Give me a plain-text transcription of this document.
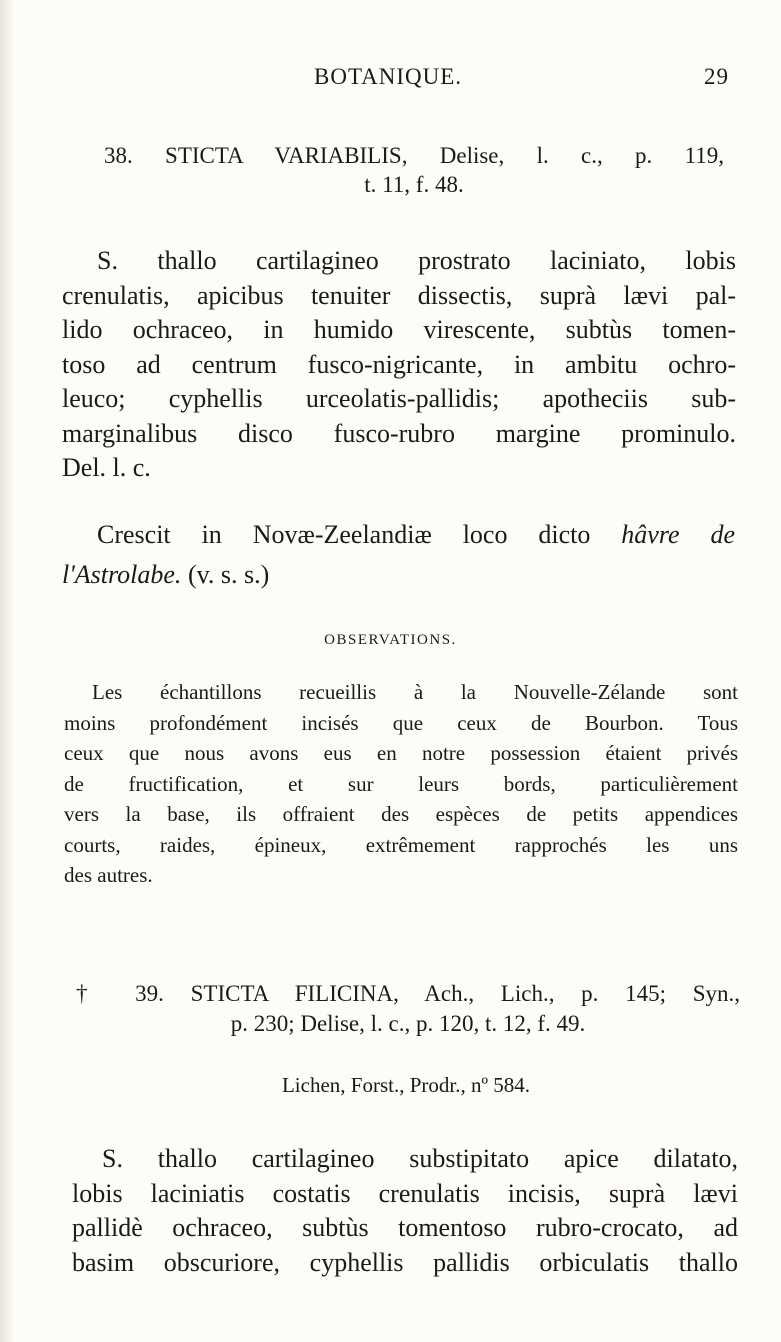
BOTANIQUE.	29
38. STICTA VARIABILIS, Delise, l. c., p. 119,
t. 11, f. 48.
S. thallo cartilagineo prostrato laciniato, lobis
crenulatis, apicibus tenuiter dissectis, suprà lævi pal-
lido ochraceo, in humido virescente, subtùs tomen-
toso ad centrum fusco-nigricante, in ambitu ochro-
leuco; cyphellis urceolatis-pallidis; apotheciis sub-
marginalibus disco fusco-rubro margine prominulo.
Del. l. c.
Crescit in Novæ-Zeelandiæ loco dicto hâvre de
l'Astrolabe. (v. s. s.)
OBSERVATIONS.
Les échantillons recueillis à la Nouvelle-Zélande sont
moins profondément incisés que ceux de Bourbon. Tous
ceux que nous avons eus en notre possession étaient privés
de fructification, et sur leurs bords, particulièrement
vers la base, ils offraient des espèces de petits appendices
courts, raides, épineux, extrêmement rapprochés les uns
des autres.
† 39. STICTA FILICINA, Ach., Lich., p. 145; Syn.,
p. 230; Delise, l. c., p. 120, t. 12, f. 49.
Lichen, Forst., Prodr., nº 584.
S. thallo cartilagineo substipitato apice dilatato,
lobis laciniatis costatis crenulatis incisis, suprà lævi
pallidè ochraceo, subtùs tomentoso rubro-crocato, ad
basim obscuriore, cyphellis pallidis orbiculatis thallo
